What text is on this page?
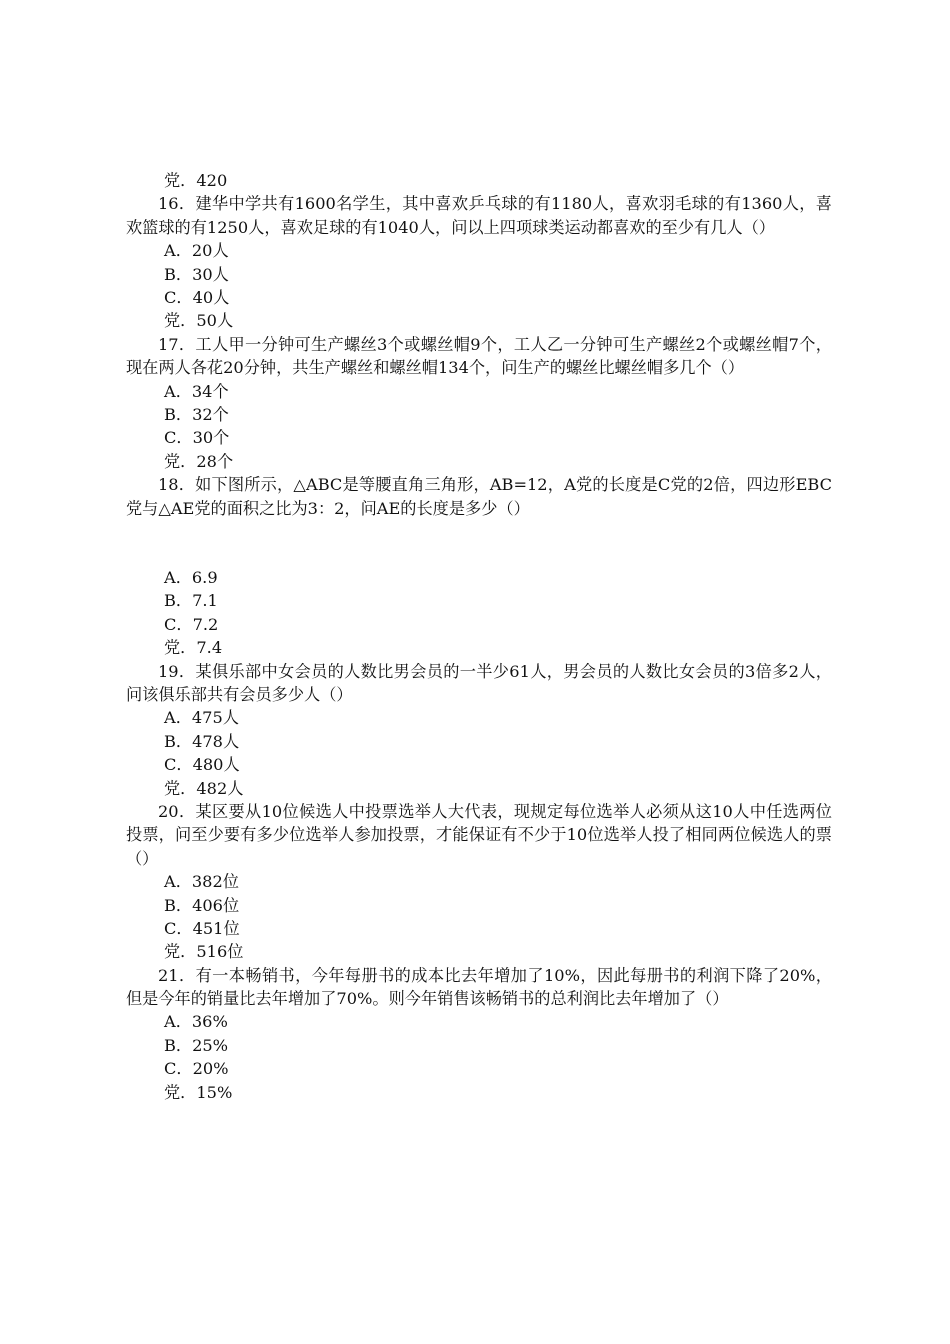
党．420
16．建华中学共有1600名学生，其中喜欢乒乓球的有1180人，喜欢羽毛球的有1360人，喜欢篮球的有1250人，喜欢足球的有1040人，问以上四项球类运动都喜欢的至少有几人（）
A．20人
B．30人
C．40人
党．50人
17．工人甲一分钟可生产螺丝3个或螺丝帽9个，工人乙一分钟可生产螺丝2个或螺丝帽7个，现在两人各花20分钟，共生产螺丝和螺丝帽134个，问生产的螺丝比螺丝帽多几个（）
A．34个
B．32个
C．30个
党．28个
18．如下图所示，△ABC是等腰直角三角形，AB=12，A党的长度是C党的2倍，四边形EBC党与△AE党的面积之比为3：2，问AE的长度是多少（）
A．6.9
B．7.1
C．7.2
党．7.4
19．某俱乐部中女会员的人数比男会员的一半少61人，男会员的人数比女会员的3倍多2人，问该俱乐部共有会员多少人（）
A．475人
B．478人
C．480人
党．482人
20．某区要从10位候选人中投票选举人大代表，现规定每位选举人必须从这10人中任选两位投票，问至少要有多少位选举人参加投票，才能保证有不少于10位选举人投了相同两位候选人的票（）
A．382位
B．406位
C．451位
党．516位
21．有一本畅销书，今年每册书的成本比去年增加了10%，因此每册书的利润下降了20%，但是今年的销量比去年增加了70%。则今年销售该畅销书的总利润比去年增加了（）
A．36%
B．25%
C．20%
党．15%
